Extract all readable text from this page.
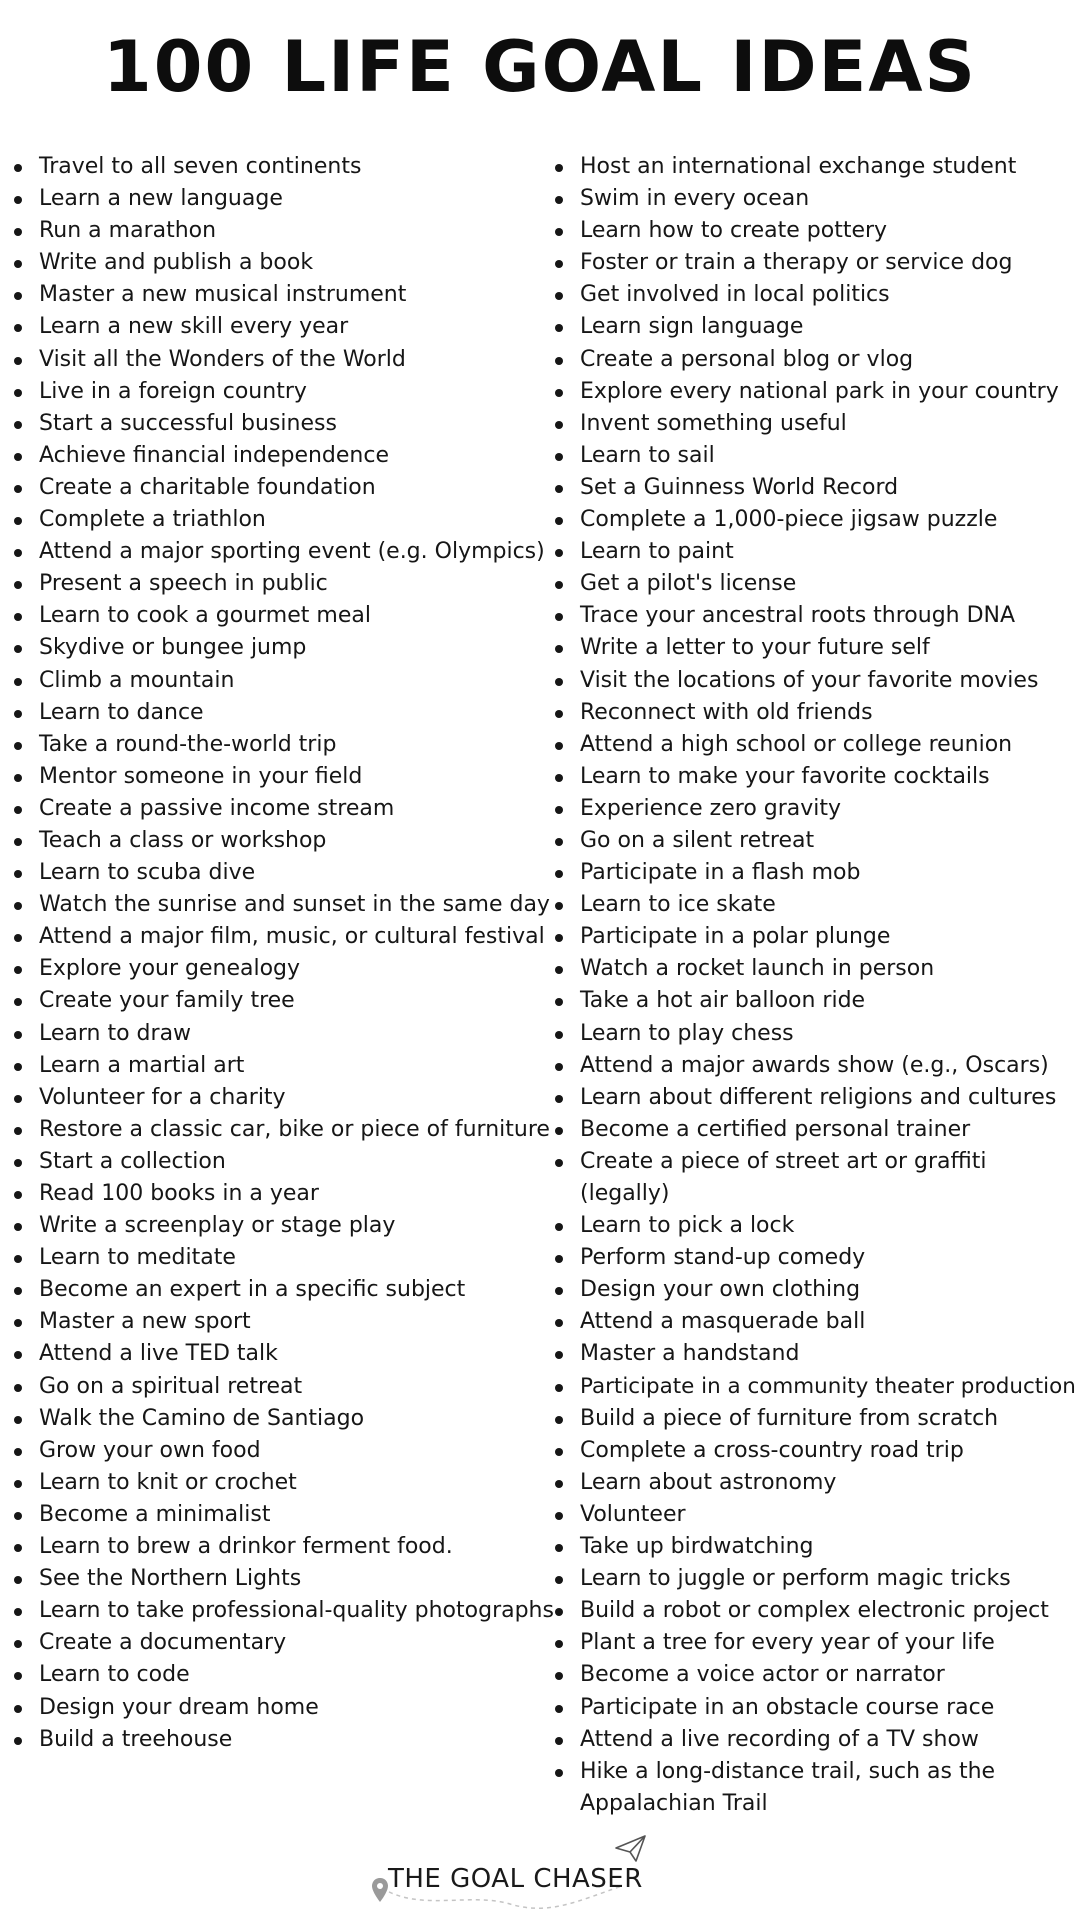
100 LIFE GOAL IDEAS
Travel to all seven continents
Learn a new language
Run a marathon
Write and publish a book
Master a new musical instrument
Learn a new skill every year
Visit all the Wonders of the World
Live in a foreign country
Start a successful business
Achieve financial independence
Create a charitable foundation
Complete a triathlon
Attend a major sporting event (e.g. Olympics)
Present a speech in public
Learn to cook a gourmet meal
Skydive or bungee jump
Climb a mountain
Learn to dance
Take a round-the-world trip
Mentor someone in your field
Create a passive income stream
Teach a class or workshop
Learn to scuba dive
Watch the sunrise and sunset in the same day
Attend a major film, music, or cultural festival
Explore your genealogy
Create your family tree
Learn to draw
Learn a martial art
Volunteer for a charity
Restore a classic car, bike or piece of furniture
Start a collection
Read 100 books in a year
Write a screenplay or stage play
Learn to meditate
Become an expert in a specific subject
Master a new sport
Attend a live TED talk
Go on a spiritual retreat
Walk the Camino de Santiago
Grow your own food
Learn to knit or crochet
Become a minimalist
Learn to brew a drinkor ferment food.
See the Northern Lights
Learn to take professional-quality photographs
Create a documentary
Learn to code
Design your dream home
Build a treehouse
Host an international exchange student
Swim in every ocean
Learn how to create pottery
Foster or train a therapy or service dog
Get involved in local politics
Learn sign language
Create a personal blog or vlog
Explore every national park in your country
Invent something useful
Learn to sail
Set a Guinness World Record
Complete a 1,000-piece jigsaw puzzle
Learn to paint
Get a pilot's license
Trace your ancestral roots through DNA
Write a letter to your future self
Visit the locations of your favorite movies
Reconnect with old friends
Attend a high school or college reunion
Learn to make your favorite cocktails
Experience zero gravity
Go on a silent retreat
Participate in a flash mob
Learn to ice skate
Participate in a polar plunge
Watch a rocket launch in person
Take a hot air balloon ride
Learn to play chess
Attend a major awards show (e.g., Oscars)
Learn about different religions and cultures
Become a certified personal trainer
Create a piece of street art or graffiti (legally)
Learn to pick a lock
Perform stand-up comedy
Design your own clothing
Attend a masquerade ball
Master a handstand
Participate in a community theater production
Build a piece of furniture from scratch
Complete a cross-country road trip
Learn about astronomy
Volunteer
Take up birdwatching
Learn to juggle or perform magic tricks
Build a robot or complex electronic project
Plant a tree for every year of your life
Become a voice actor or narrator
Participate in an obstacle course race
Attend a live recording of a TV show
Hike a long-distance trail, such as the Appalachian Trail
THE GOAL CHASER
